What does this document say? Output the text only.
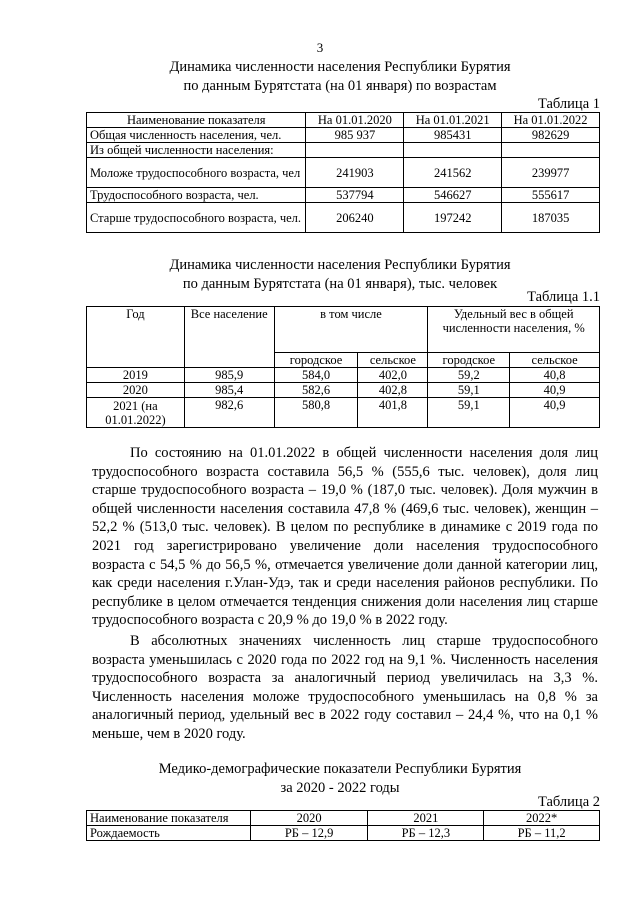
3
Динамика численности населения Республики Бурятия
по данным Бурятстата (на 01 января) по возрастам
Таблица 1
Наименование показателя	На 01.01.2020	На 01.01.2021	На 01.01.2022
Общая численность населения, чел.	985 937	985431	982629
Из общей численности населения:			
Моложе трудоспособного возраста, чел	241903	241562	239977
Трудоспособного возраста, чел.	537794	546627	555617
Старше трудоспособного возраста, чел.	206240	197242	187035
Динамика численности населения Республики Бурятия
по данным Бурятстата (на 01 января), тыс. человек
Таблица 1.1
Год	Все население	в том числе		Удельный вес в общей численности населения, %	
		городское	сельское	городское	сельское
2019	985,9	584,0	402,0	59,2	40,8
2020	985,4	582,6	402,8	59,1	40,9
2021 (на 01.01.2022)	982,6	580,8	401,8	59,1	40,9

По состоянию на 01.01.2022 в общей численности населения доля лиц трудоспособного возраста составила 56,5 % (555,6 тыс. человек), доля лиц старше трудоспособного возраста – 19,0 % (187,0 тыс. человек). Доля мужчин в общей численности населения составила 47,8 % (469,6 тыс. человек), женщин – 52,2 % (513,0 тыс. человек). В целом по республике в динамике с 2019 года по 2021 год зарегистрировано увеличение доли населения трудоспособного возраста с 54,5 % до 56,5 %, отмечается увеличение доли данной категории лиц, как среди населения г.Улан-Удэ, так и среди населения районов республики. По республике в целом отмечается тенденция снижения доли населения лиц старше трудоспособного возраста с 20,9 % до 19,0 % в 2022 году.

В абсолютных значениях численность лиц старше трудоспособного возраста уменьшилась с 2020 года по 2022 год на 9,1 %. Численность населения трудоспособного возраста за аналогичный период увеличилась на 3,3 %. Численность населения моложе трудоспособного уменьшилась на 0,8 % за аналогичный период, удельный вес в 2022 году составил – 24,4 %, что на 0,1 % меньше, чем в 2020 году.

Медико-демографические показатели Республики Бурятия
за 2020 - 2022 годы
Таблица 2
Наименование показателя	2020	2021	2022*
Рождаемость	РБ – 12,9	РБ – 12,3	РБ – 11,2
